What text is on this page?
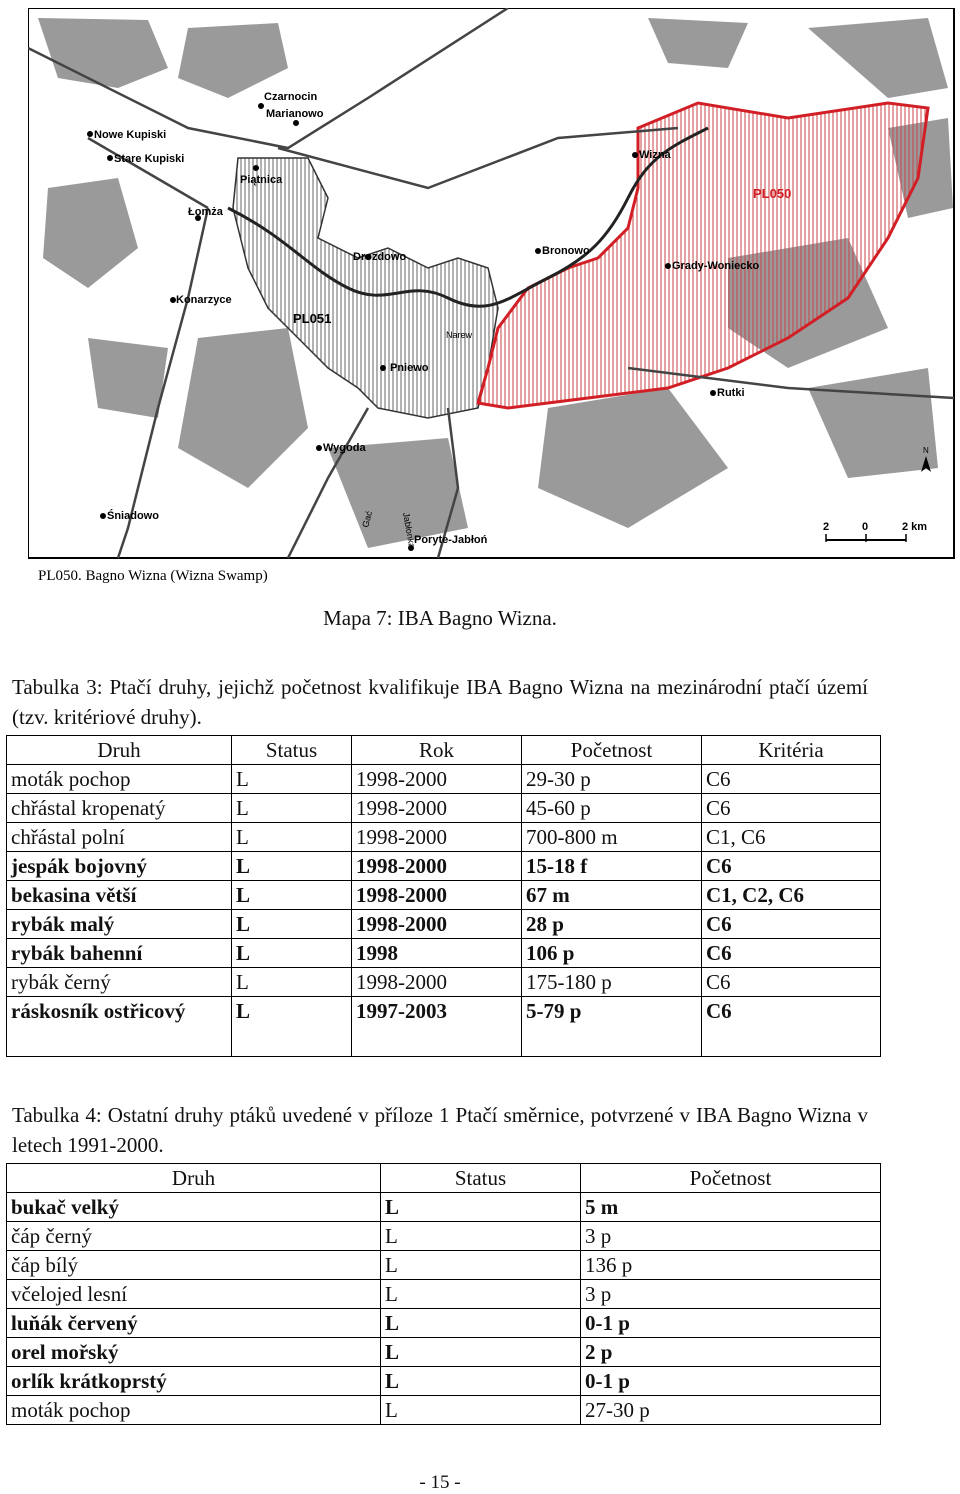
Czarnocin
Marianowo
Nowe Kupiski
Stare Kupiski
Piątnica
Łomża
Wizna
PL050
Drozdowo	Bronowo
Grady-Woniecko
Konarzyce
PL051
Narew
Pniewo
Rutki
Wygoda
Śniadowo	Gać	Jabłonka
Poryte-Jabłoń
N
2	0	2 km
PL050. Bagno Wizna (Wizna Swamp)
Mapa 7: IBA Bagno Wizna.
Tabulka 3: Ptačí druhy, jejichž početnost kvalifikuje IBA Bagno Wizna na mezinárodní ptačí území (tzv. kritériové druhy).
Druh	Status	Rok	Početnost	Kritéria
moták pochop	L	1998-2000	29-30 p	C6
chřástal kropenatý	L	1998-2000	45-60 p	C6
chřástal polní	L	1998-2000	700-800 m	C1, C6
jespák bojovný	L	1998-2000	15-18 f	C6
bekasina větší	L	1998-2000	67 m	C1, C2, C6
rybák malý	L	1998-2000	28 p	C6
rybák bahenní	L	1998	106 p	C6
rybák černý	L	1998-2000	175-180 p	C6
ráskosník ostřicový	L	1997-2003	5-79 p	C6
Tabulka 4: Ostatní druhy ptáků uvedené v příloze 1 Ptačí směrnice, potvrzené v IBA Bagno Wizna v letech 1991-2000.
Druh	Status	Početnost
bukač velký	L	5 m
čáp černý	L	3 p
čáp bílý	L	136 p
včelojed lesní	L	3 p
luňák červený	L	0-1 p
orel mořský	L	2 p
orlík krátkoprstý	L	0-1 p
moták pochop	L	27-30 p
- 15 -
